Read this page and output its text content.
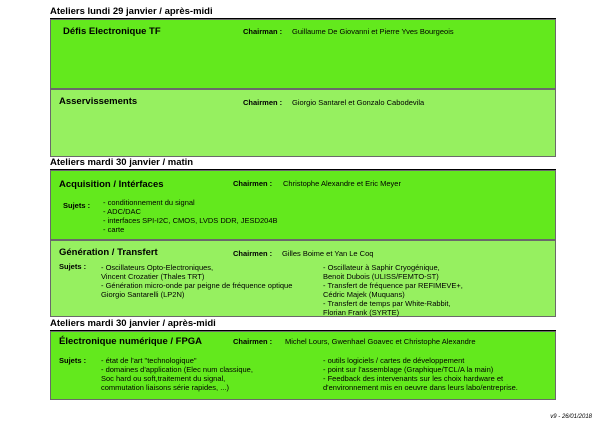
Ateliers lundi 29 janvier / après-midi
Défis Electronique TF	Chairman : Guillaume De Giovanni et Pierre Yves Bourgeois
Asservissements	Chairmen : Giorgio Santarel et Gonzalo Cabodevila
Ateliers mardi 30 janvier / matin
Acquisition / Intérfaces	Chairmen : Christophe Alexandre et Eric Meyer
Sujets : - conditionnement du signal
- ADC/DAC
- interfaces SPI-I2C, CMOS, LVDS DDR, JESD204B
- carte
Génération / Transfert	Chairmen : Gilles Boime et Yan Le Coq
Sujets : - Oscillateurs Opto-Electroniques,
Vincent Crozatier (Thales TRT)
- Génération micro-onde par peigne de fréquence optique
Giorgio Santarelli (LP2N)
- Oscillateur à Saphir Cryogénique,
Benoit Dubois (ULISS/FEMTO-ST)
- Transfert de fréquence par REFIMEVE+,
Cédric Majek (Muquans)
- Transfert de temps par White-Rabbit,
Florian Frank (SYRTE)
Ateliers mardi 30 janvier / après-midi
Électronique numérique / FPGA	Chairmen : Michel Lours, Gwenhael Goavec et Christophe Alexandre
Sujets : - état de l'art "technologique"
- domaines d'application (Elec num classique,
Soc hard ou soft,traitement du signal,
commutation liaisons série rapides, ...)
- outils logiciels / cartes de développement
- point sur l'assemblage (Graphique/TCL/A la main)
- Feedback des intervenants sur les choix hardware et
d'environnement mis en oeuvre dans leurs labo/entreprise.
v9 - 26/01/2018
